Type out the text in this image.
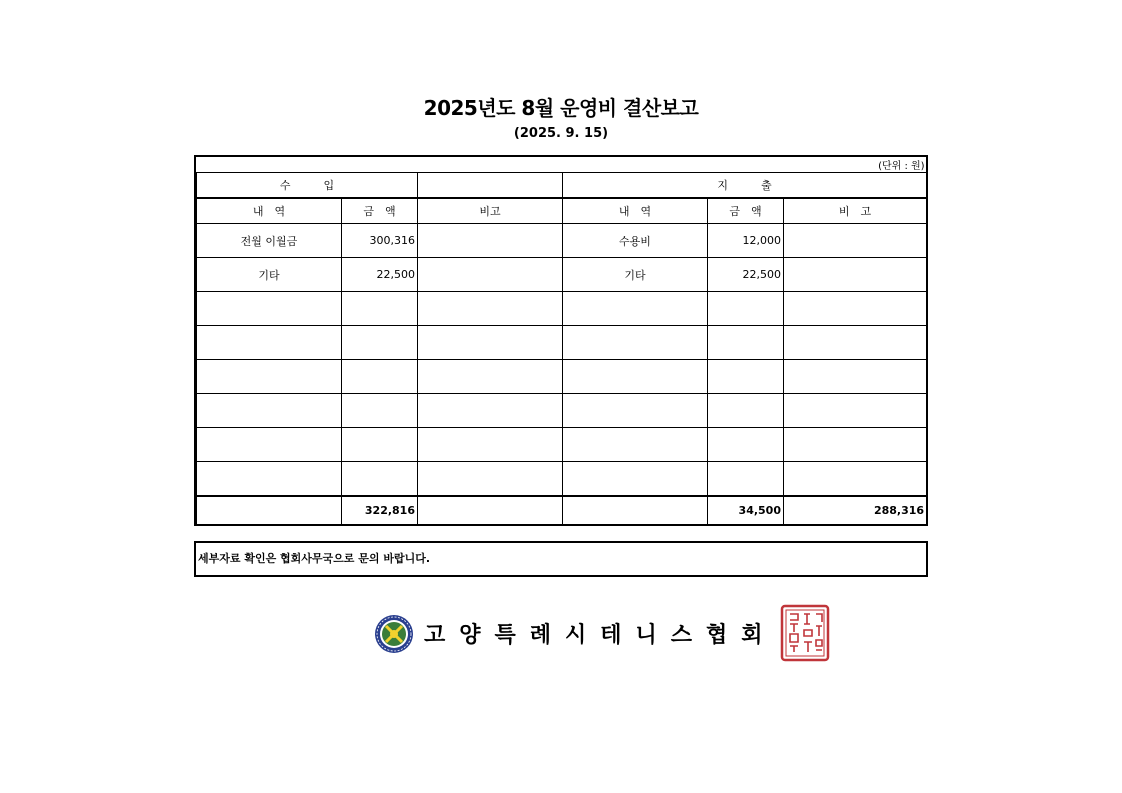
2025년도 8월 운영비 결산보고
(2025. 9. 15)
(단위 : 원)					
수　　　입			지　　　출		
내　역	금　액	비고	내　역	금　액	비　고
전월 이월금	300,316		수용비	12,000	
기타	22,500		기타	22,500	

	322,816			34,500	288,316
세부자료 확인은 협회사무국으로 문의 바랍니다.
고양특례시테니스협회
